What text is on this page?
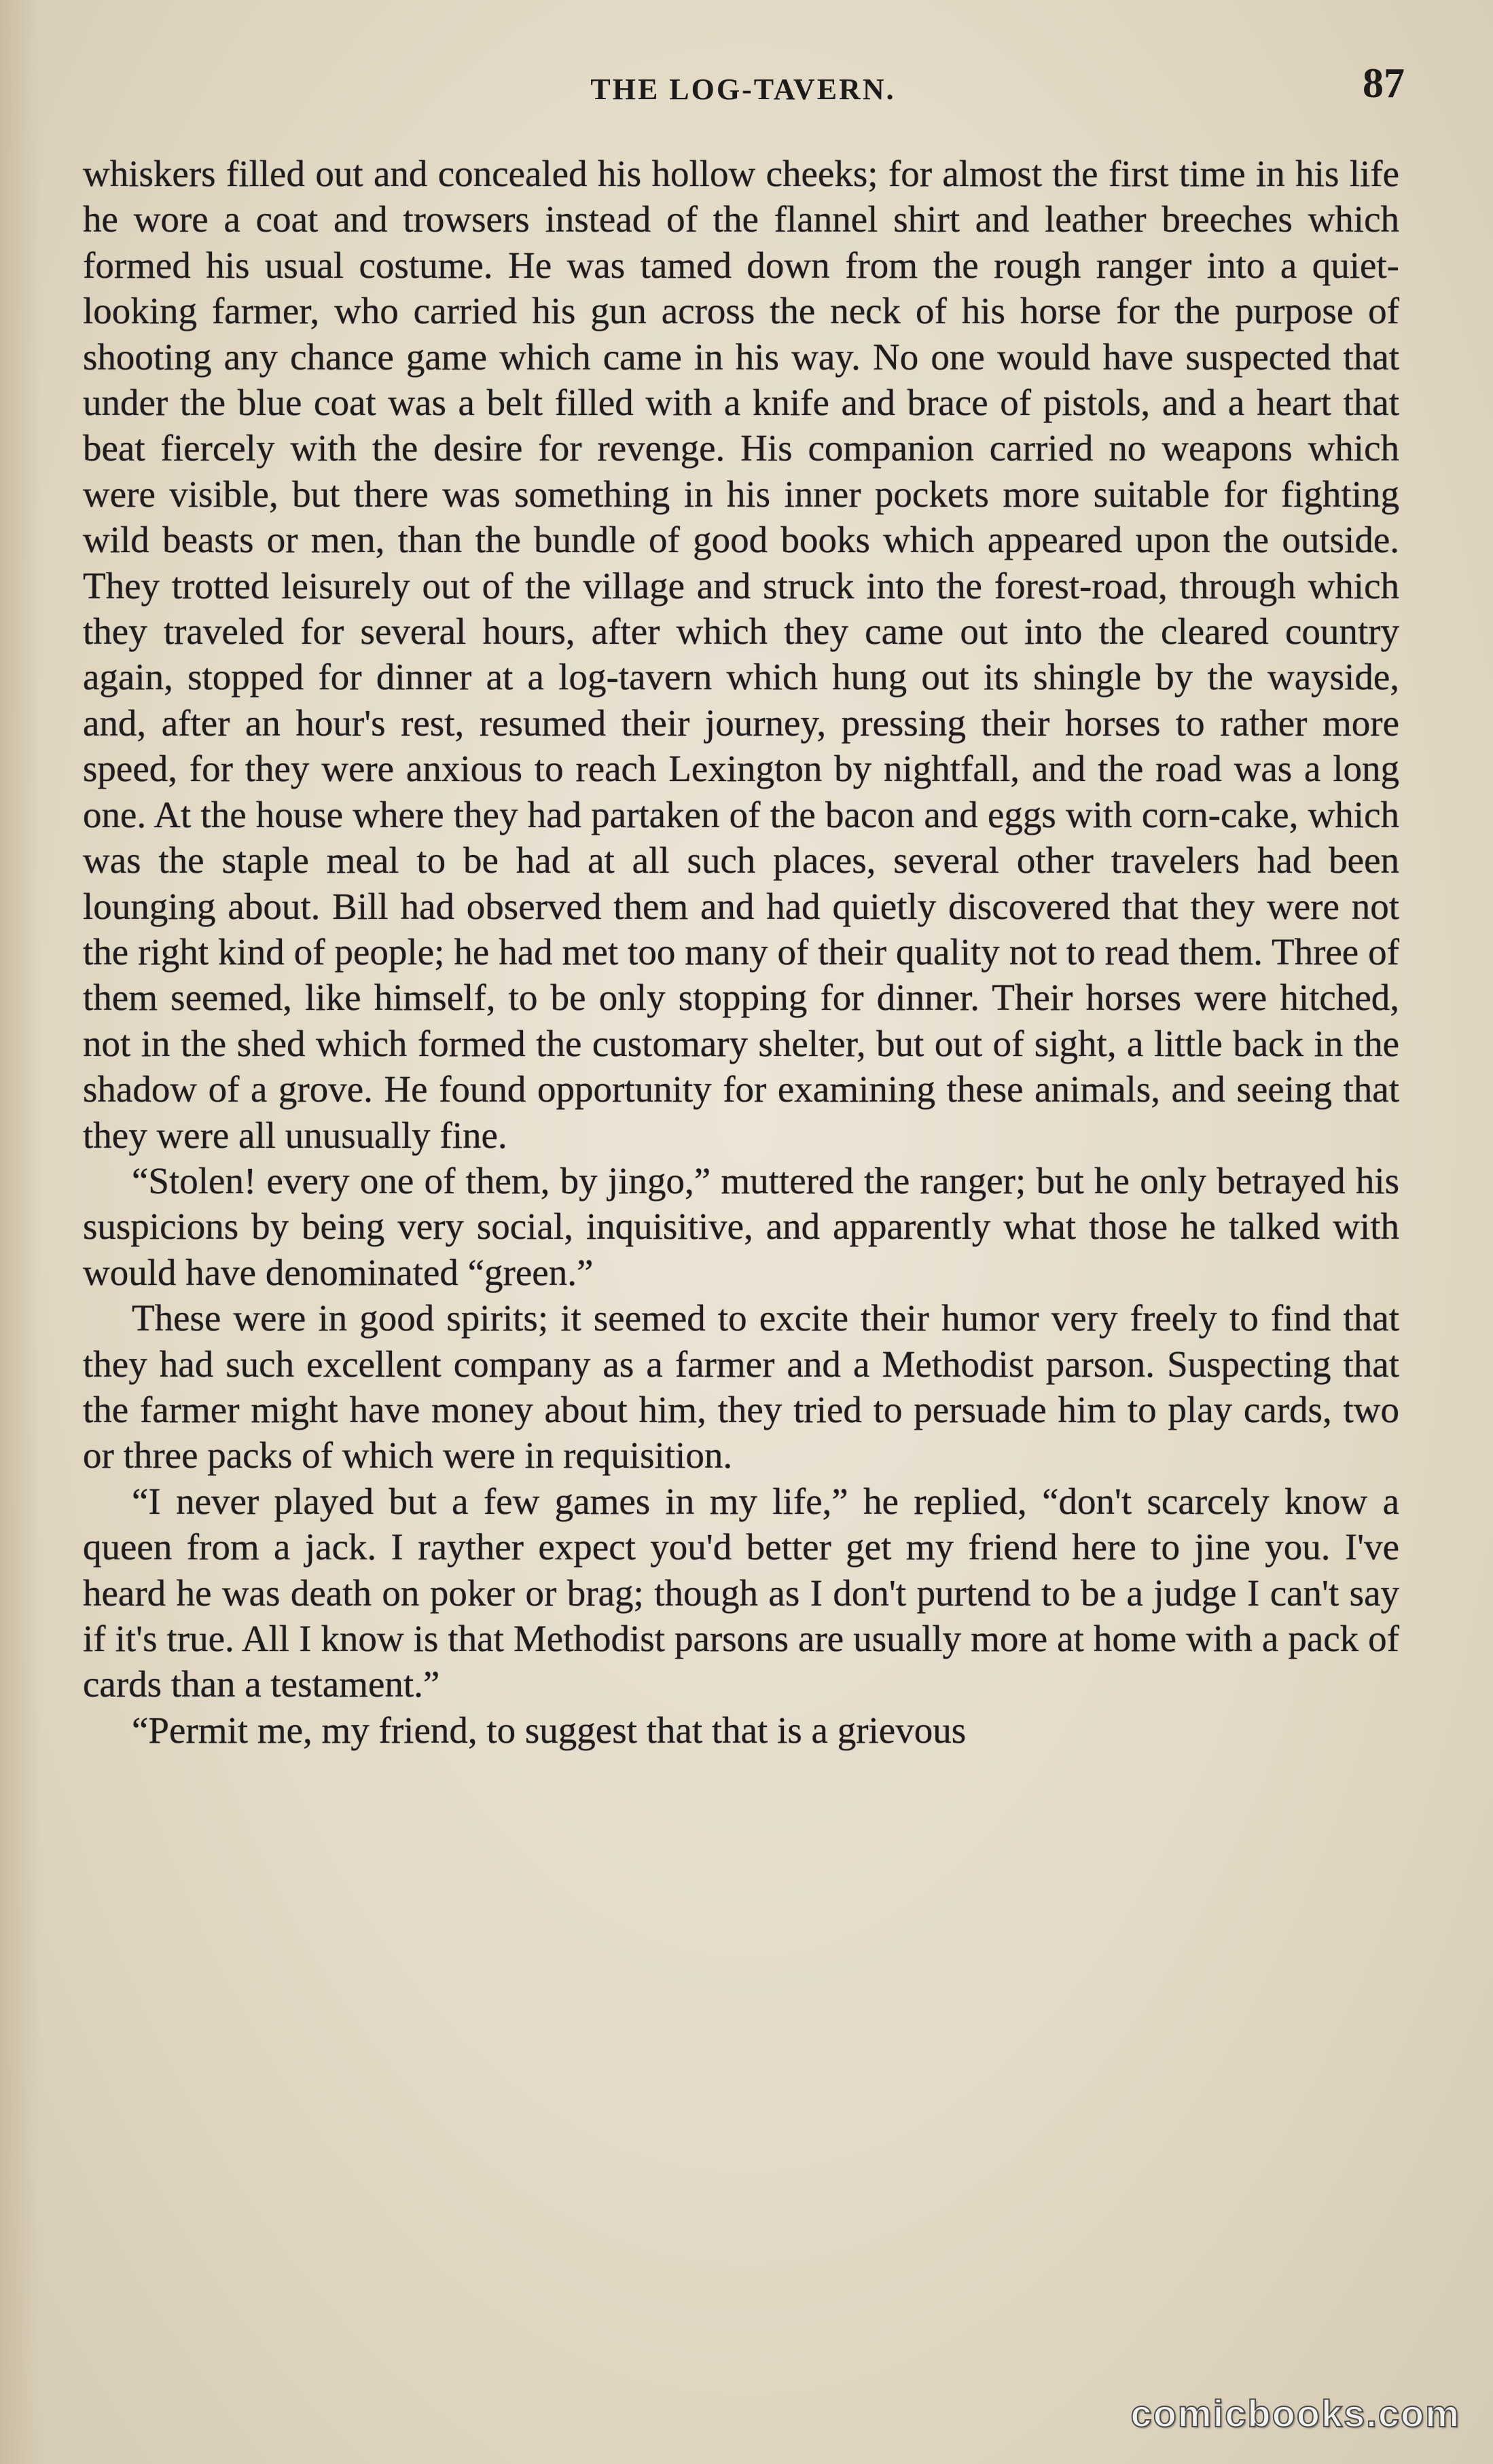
THE LOG-TAVERN.	87

whiskers filled out and concealed his hollow cheeks; for almost the first time in his life he wore a coat and trowsers instead of the flannel shirt and leather breeches which formed his usual costume. He was tamed down from the rough ranger into a quiet-looking farmer, who carried his gun across the neck of his horse for the purpose of shooting any chance game which came in his way. No one would have suspected that under the blue coat was a belt filled with a knife and brace of pistols, and a heart that beat fiercely with the desire for revenge. His companion carried no weapons which were visible, but there was something in his inner pockets more suitable for fighting wild beasts or men, than the bundle of good books which appeared upon the outside. They trotted leisurely out of the village and struck into the forest-road, through which they traveled for several hours, after which they came out into the cleared country again, stopped for dinner at a log-tavern which hung out its shingle by the wayside, and, after an hour's rest, resumed their journey, pressing their horses to rather more speed, for they were anxious to reach Lexington by nightfall, and the road was a long one. At the house where they had partaken of the bacon and eggs with corn-cake, which was the staple meal to be had at all such places, several other travelers had been lounging about. Bill had observed them and had quietly discovered that they were not the right kind of people; he had met too many of their quality not to read them. Three of them seemed, like himself, to be only stopping for dinner. Their horses were hitched, not in the shed which formed the customary shelter, but out of sight, a little back in the shadow of a grove. He found opportunity for examining these animals, and seeing that they were all unusually fine.

“Stolen! every one of them, by jingo,” muttered the ranger; but he only betrayed his suspicions by being very social, inquisitive, and apparently what those he talked with would have denominated “green.”

These were in good spirits; it seemed to excite their humor very freely to find that they had such excellent company as a farmer and a Methodist parson. Suspecting that the farmer might have money about him, they tried to persuade him to play cards, two or three packs of which were in requisition.

“I never played but a few games in my life,” he replied, “don't scarcely know a queen from a jack. I rayther expect you'd better get my friend here to jine you. I've heard he was death on poker or brag; though as I don't purtend to be a judge I can't say if it's true. All I know is that Methodist parsons are usually more at home with a pack of cards than a testament.”

“Permit me, my friend, to suggest that that is a grievous

comicbooks.com
